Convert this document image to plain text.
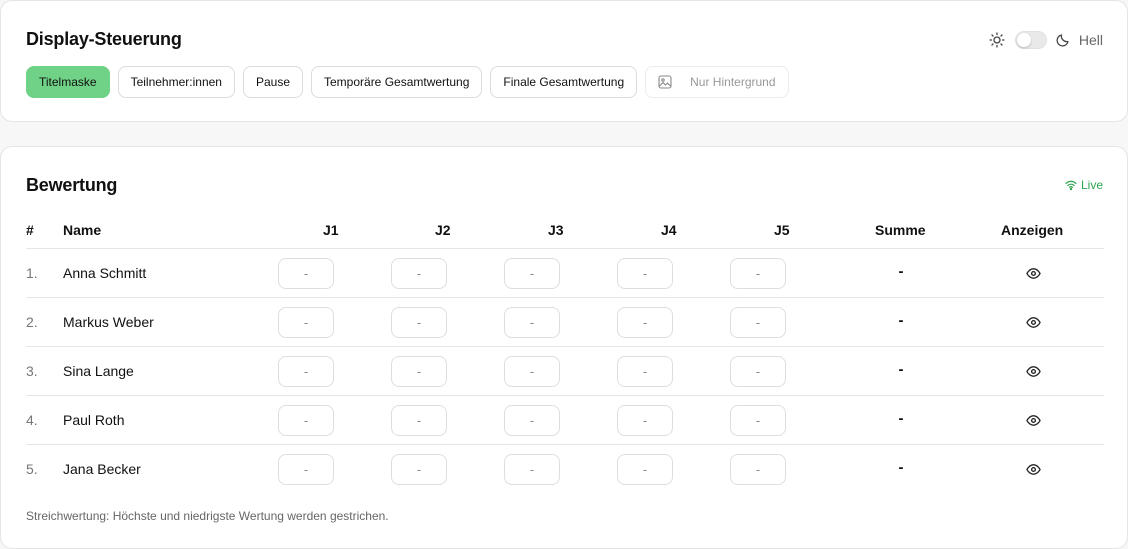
Display-Steuerung	Hell
Titelmaske	Teilnehmer:innen	Pause	Temporäre Gesamtwertung	Finale Gesamtwertung	Nur Hintergrund
Bewertung	Live
# Name	J1	J2	J3	J4	J5	Summe	Anzeigen
1. Anna Schmitt	-	-	-	-	-	-
2. Markus Weber	-	-	-	-	-	-
3. Sina Lange	-	-	-	-	-	-
4. Paul Roth	-	-	-	-	-	-
5. Jana Becker	-	-	-	-	-	-
Streichwertung: Höchste und niedrigste Wertung werden gestrichen.
